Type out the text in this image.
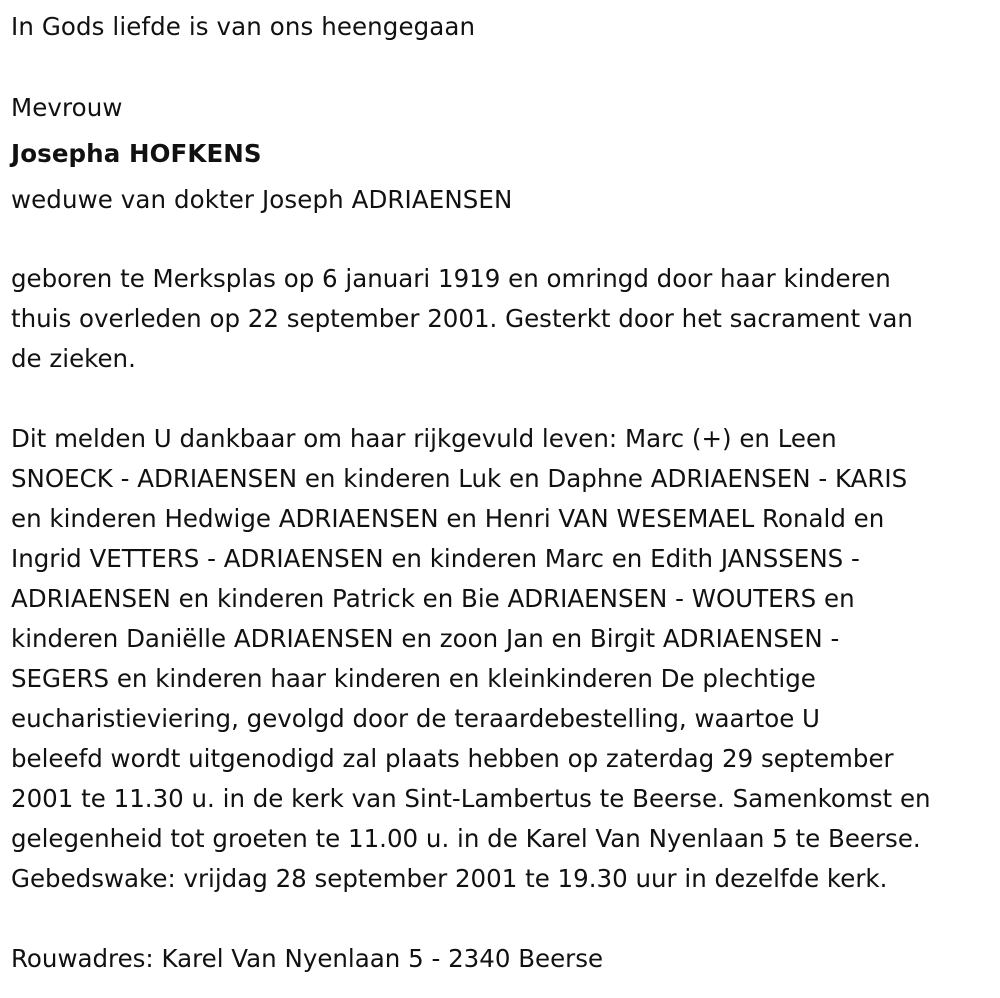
In Gods liefde is van ons heengegaan
Mevrouw
Josepha HOFKENS
weduwe van dokter Joseph ADRIAENSEN
geboren te Merksplas op 6 januari 1919 en omringd door haar kinderen
thuis overleden op 22 september 2001. Gesterkt door het sacrament van
de zieken.
Dit melden U dankbaar om haar rijkgevuld leven: Marc (+) en Leen
SNOECK - ADRIAENSEN en kinderen Luk en Daphne ADRIAENSEN - KARIS
en kinderen Hedwige ADRIAENSEN en Henri VAN WESEMAEL Ronald en
Ingrid VETTERS - ADRIAENSEN en kinderen Marc en Edith JANSSENS -
ADRIAENSEN en kinderen Patrick en Bie ADRIAENSEN - WOUTERS en
kinderen Daniëlle ADRIAENSEN en zoon Jan en Birgit ADRIAENSEN -
SEGERS en kinderen haar kinderen en kleinkinderen De plechtige
eucharistieviering, gevolgd door de teraardebestelling, waartoe U
beleefd wordt uitgenodigd zal plaats hebben op zaterdag 29 september
2001 te 11.30 u. in de kerk van Sint-Lambertus te Beerse. Samenkomst en
gelegenheid tot groeten te 11.00 u. in de Karel Van Nyenlaan 5 te Beerse.
Gebedswake: vrijdag 28 september 2001 te 19.30 uur in dezelfde kerk.
Rouwadres: Karel Van Nyenlaan 5 - 2340 Beerse
